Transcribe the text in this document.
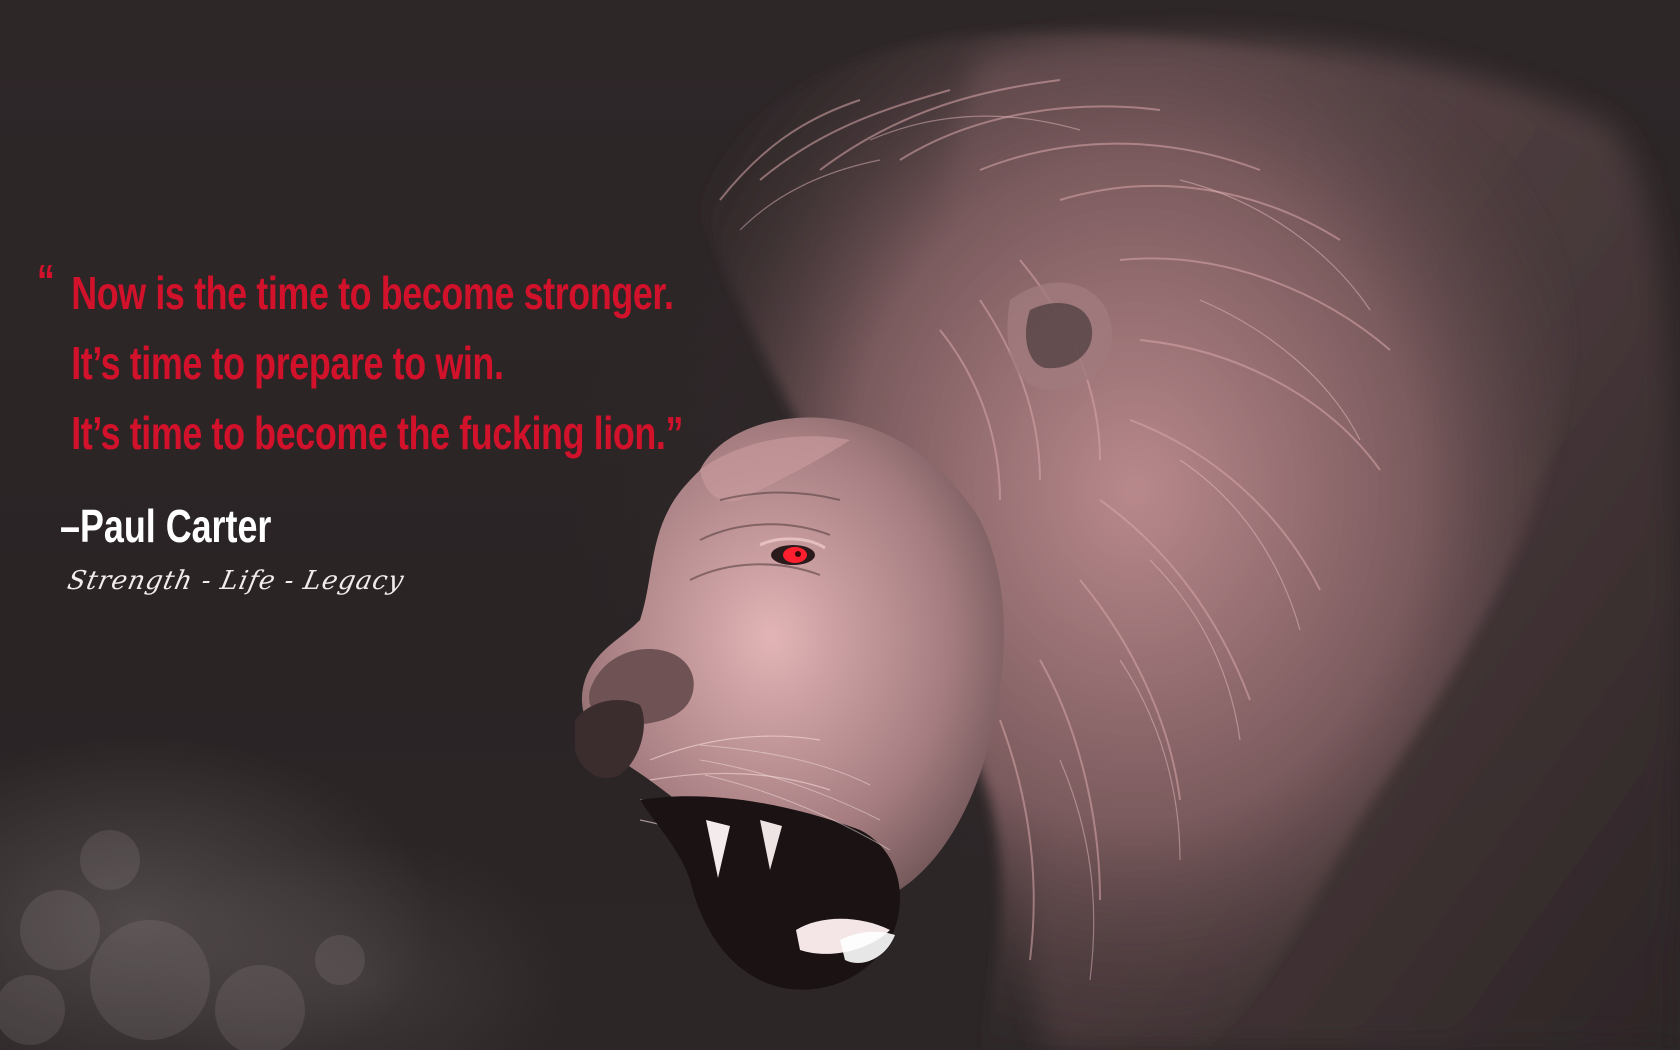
“ Now is the time to become stronger.
It’s time to prepare to win.
It’s time to become the fucking lion.”
–Paul Carter
Strength - Life - Legacy
